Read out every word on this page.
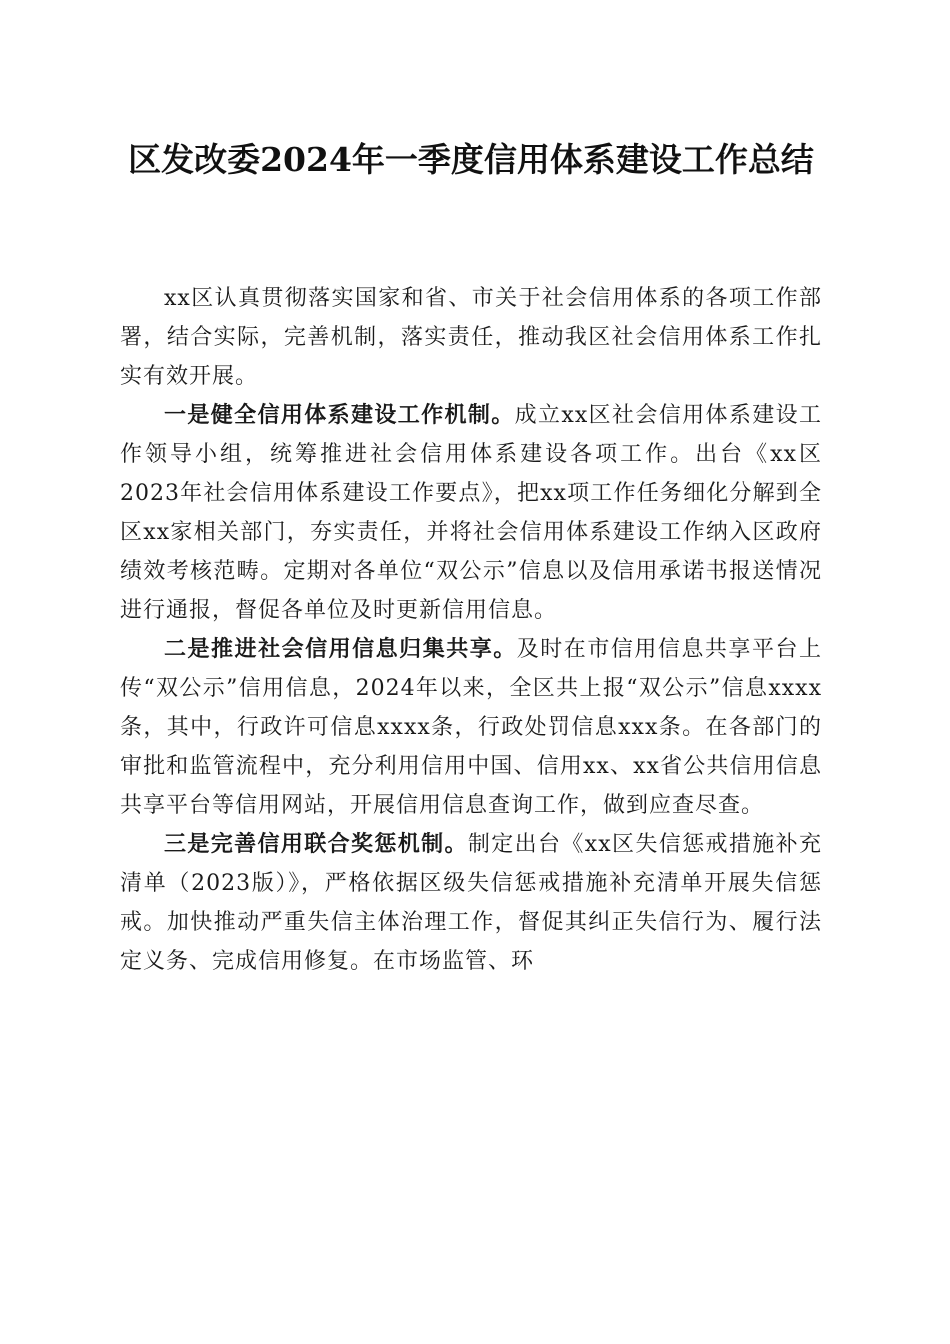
区发改委2024年一季度信用体系建设工作总结

xx区认真贯彻落实国家和省、市关于社会信用体系的各项工作部署，结合实际，完善机制，落实责任，推动我区社会信用体系工作扎实有效开展。

一是健全信用体系建设工作机制。成立xx区社会信用体系建设工作领导小组，统筹推进社会信用体系建设各项工作。出台《xx区2023年社会信用体系建设工作要点》，把xx项工作任务细化分解到全区xx家相关部门，夯实责任，并将社会信用体系建设工作纳入区政府绩效考核范畴。定期对各单位“双公示”信息以及信用承诺书报送情况进行通报，督促各单位及时更新信用信息。

二是推进社会信用信息归集共享。及时在市信用信息共享平台上传“双公示”信用信息，2024年以来，全区共上报“双公示”信息xxxx条，其中，行政许可信息xxxx条，行政处罚信息xxx条。在各部门的审批和监管流程中，充分利用信用中国、信用xx、xx省公共信用信息共享平台等信用网站，开展信用信息查询工作，做到应查尽查。

三是完善信用联合奖惩机制。制定出台《xx区失信惩戒措施补充清单（2023版）》，严格依据区级失信惩戒措施补充清单开展失信惩戒。加快推动严重失信主体治理工作，督促其纠正失信行为、履行法定义务、完成信用修复。在市场监管、环
